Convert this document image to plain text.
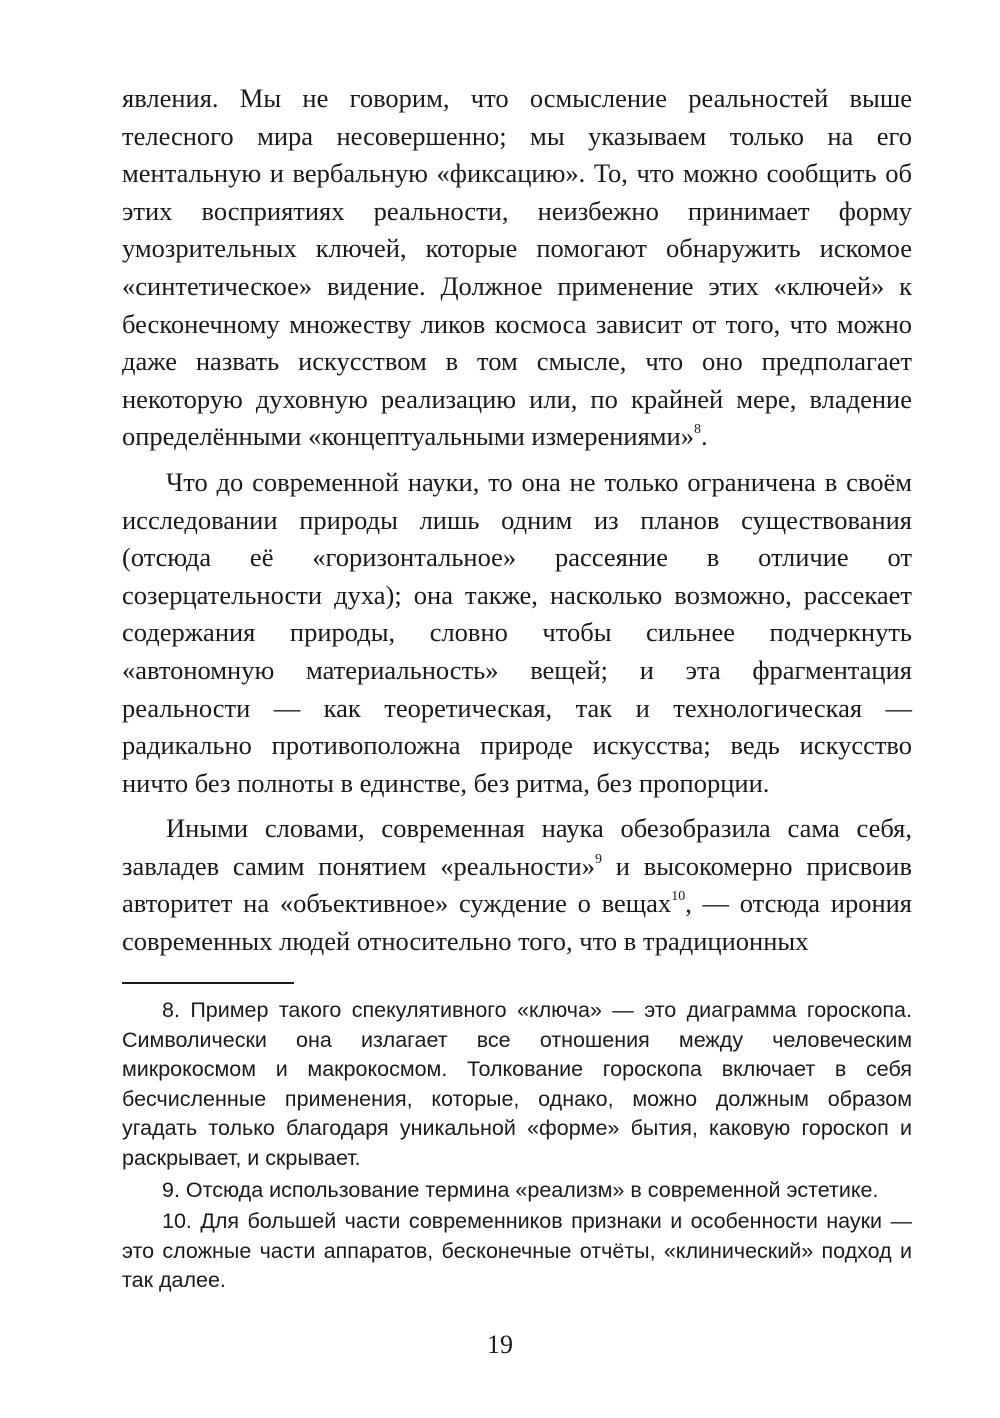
явления. Мы не говорим, что осмысление реальностей выше телесного мира несовершенно; мы указываем только на его ментальную и вербальную «фиксацию». То, что можно сообщить об этих восприятиях реальности, неизбежно принимает форму умозрительных ключей, которые помогают обнаружить искомое «синтетическое» видение. Должное применение этих «ключей» к бесконечному множеству ликов космоса зависит от того, что можно даже назвать искусством в том смысле, что оно предполагает некоторую духовную реализацию или, по крайней мере, владение определёнными «концептуальными измерениями»$^8$.

Что до современной науки, то она не только ограничена в своём исследовании природы лишь одним из планов существования (отсюда её «горизонтальное» рассеяние в отличие от созерцательности духа); она также, насколько возможно, рассекает содержания природы, словно чтобы сильнее подчеркнуть «автономную материальность» вещей; и эта фрагментация реальности — как теоретическая, так и технологическая — радикально противоположна природе искусства; ведь искусство ничто без полноты в единстве, без ритма, без пропорции.

Иными словами, современная наука обезобразила сама себя, завладев самим понятием «реальности»$^9$ и высокомерно присвоив авторитет на «объективное» суждение о вещах$^{10}$, — отсюда ирония современных людей относительно того, что в традиционных

8. Пример такого спекулятивного «ключа» — это диаграмма гороскопа. Символически она излагает все отношения между человеческим микрокосмом и макрокосмом. Толкование гороскопа включает в себя бесчисленные применения, которые, однако, можно должным образом угадать только благодаря уникальной «форме» бытия, каковую гороскоп и раскрывает, и скрывает.

9. Отсюда использование термина «реализм» в современной эстетике.

10. Для большей части современников признаки и особенности науки — это сложные части аппаратов, бесконечные отчёты, «клинический» подход и так далее.

19
